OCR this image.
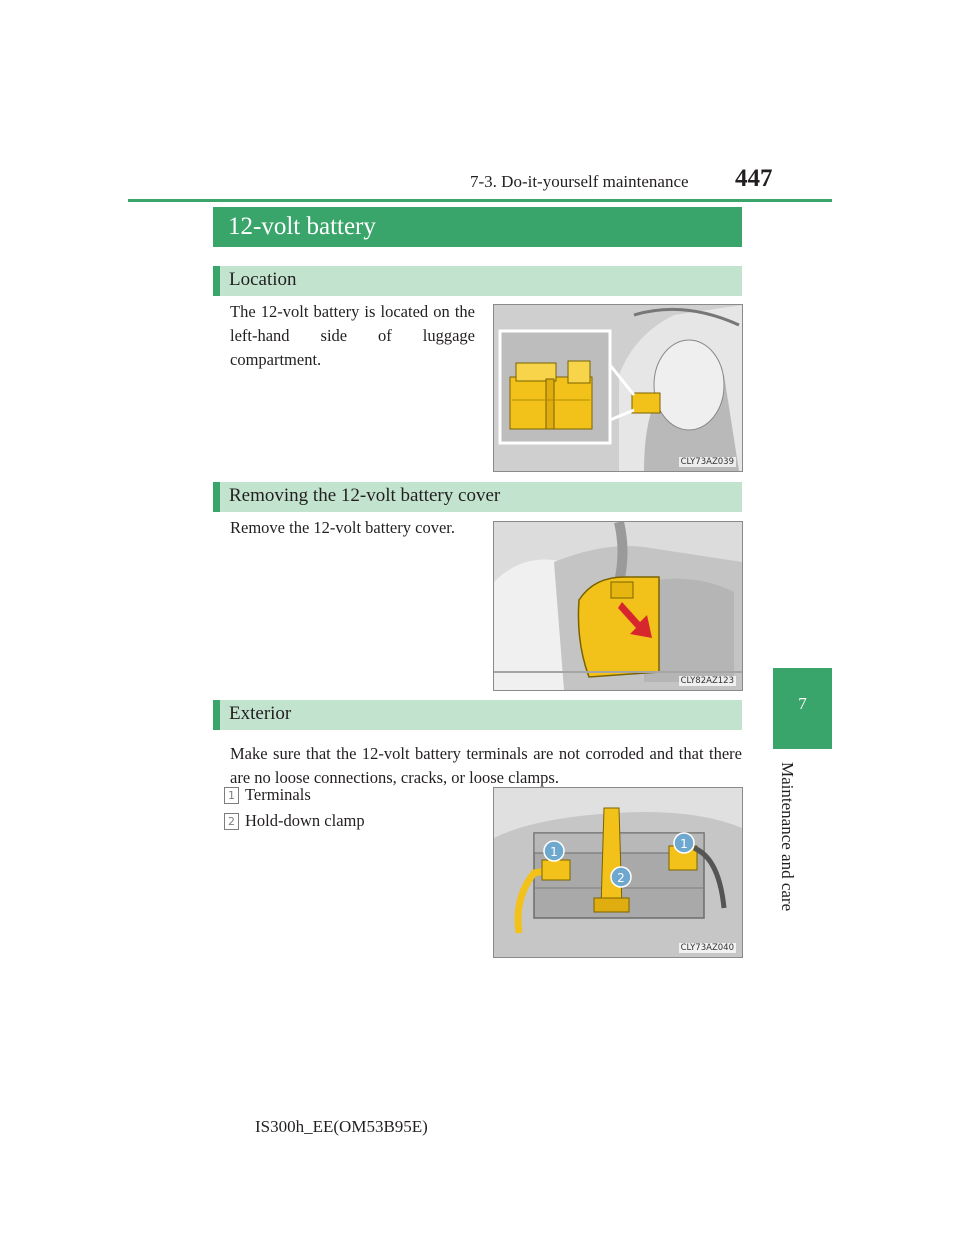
7-3. Do-it-yourself maintenance 447
7
Maintenance and care
12-volt battery
Location
The 12-volt battery is located on the left-hand side of luggage compartment.
CLY73AZ039
Removing the 12-volt battery cover
Remove the 12-volt battery cover.
CLY82AZ123
Exterior
Make sure that the 12-volt battery terminals are not corroded and that there are no loose connections, cracks, or loose clamps.
1 Terminals
2 Hold-down clamp
1
1
2
CLY73AZ040
IS300h_EE(OM53B95E)
